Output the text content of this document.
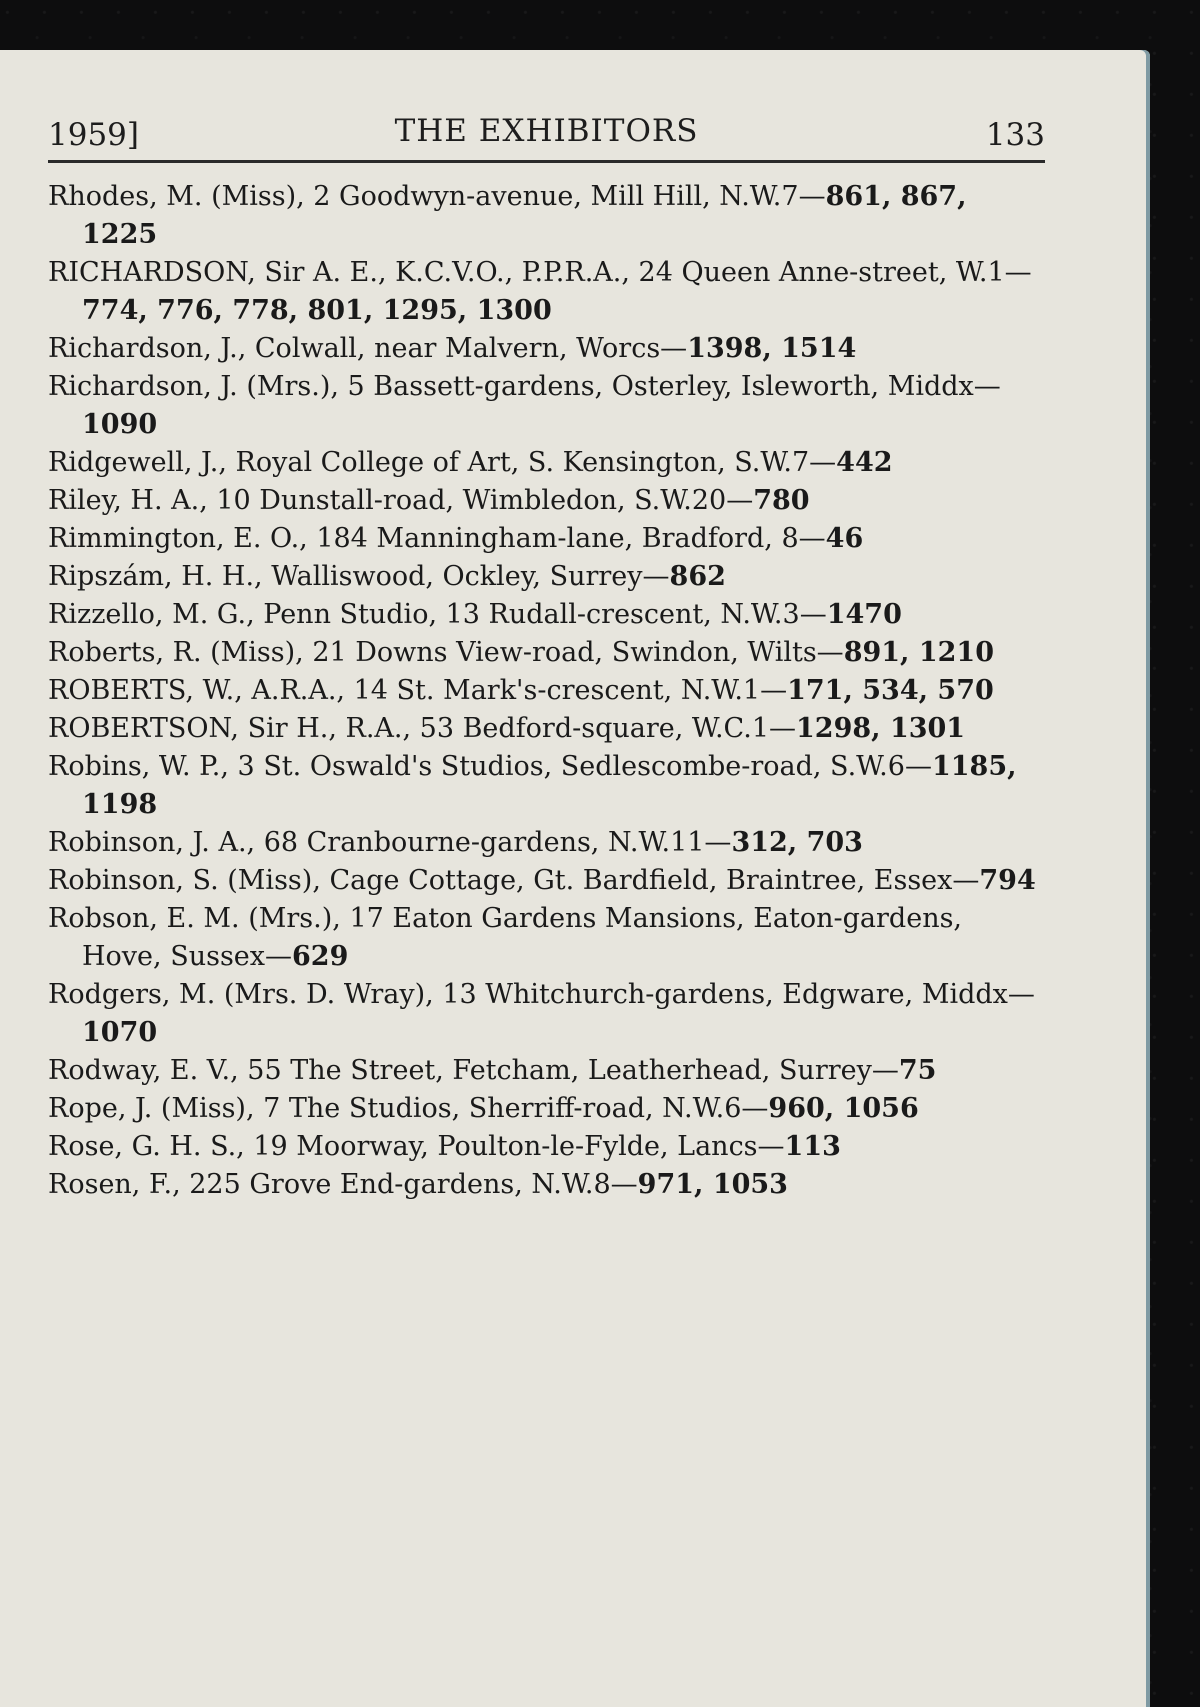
1959]	THE EXHIBITORS	133
Rhodes, M. (Miss), 2 Goodwyn-avenue, Mill Hill, N.W.7—861, 867, 1225
RICHARDSON, Sir A. E., K.C.V.O., P.P.R.A., 24 Queen Anne-street, W.1—774, 776, 778, 801, 1295, 1300
Richardson, J., Colwall, near Malvern, Worcs—1398, 1514
Richardson, J. (Mrs.), 5 Bassett-gardens, Osterley, Isleworth, Middx—1090
Ridgewell, J., Royal College of Art, S. Kensington, S.W.7—442
Riley, H. A., 10 Dunstall-road, Wimbledon, S.W.20—780
Rimmington, E. O., 184 Manningham-lane, Bradford, 8—46
Ripszám, H. H., Walliswood, Ockley, Surrey—862
Rizzello, M. G., Penn Studio, 13 Rudall-crescent, N.W.3—1470
Roberts, R. (Miss), 21 Downs View-road, Swindon, Wilts—891, 1210
ROBERTS, W., A.R.A., 14 St. Mark's-crescent, N.W.1—171, 534, 570
ROBERTSON, Sir H., R.A., 53 Bedford-square, W.C.1—1298, 1301
Robins, W. P., 3 St. Oswald's Studios, Sedlescombe-road, S.W.6—1185, 1198
Robinson, J. A., 68 Cranbourne-gardens, N.W.11—312, 703
Robinson, S. (Miss), Cage Cottage, Gt. Bardfield, Braintree, Essex—794
Robson, E. M. (Mrs.), 17 Eaton Gardens Mansions, Eaton-gardens, Hove, Sussex—629
Rodgers, M. (Mrs. D. Wray), 13 Whitchurch-gardens, Edgware, Middx—1070
Rodway, E. V., 55 The Street, Fetcham, Leatherhead, Surrey—75
Rope, J. (Miss), 7 The Studios, Sherriff-road, N.W.6—960, 1056
Rose, G. H. S., 19 Moorway, Poulton-le-Fylde, Lancs—113
Rosen, F., 225 Grove End-gardens, N.W.8—971, 1053
